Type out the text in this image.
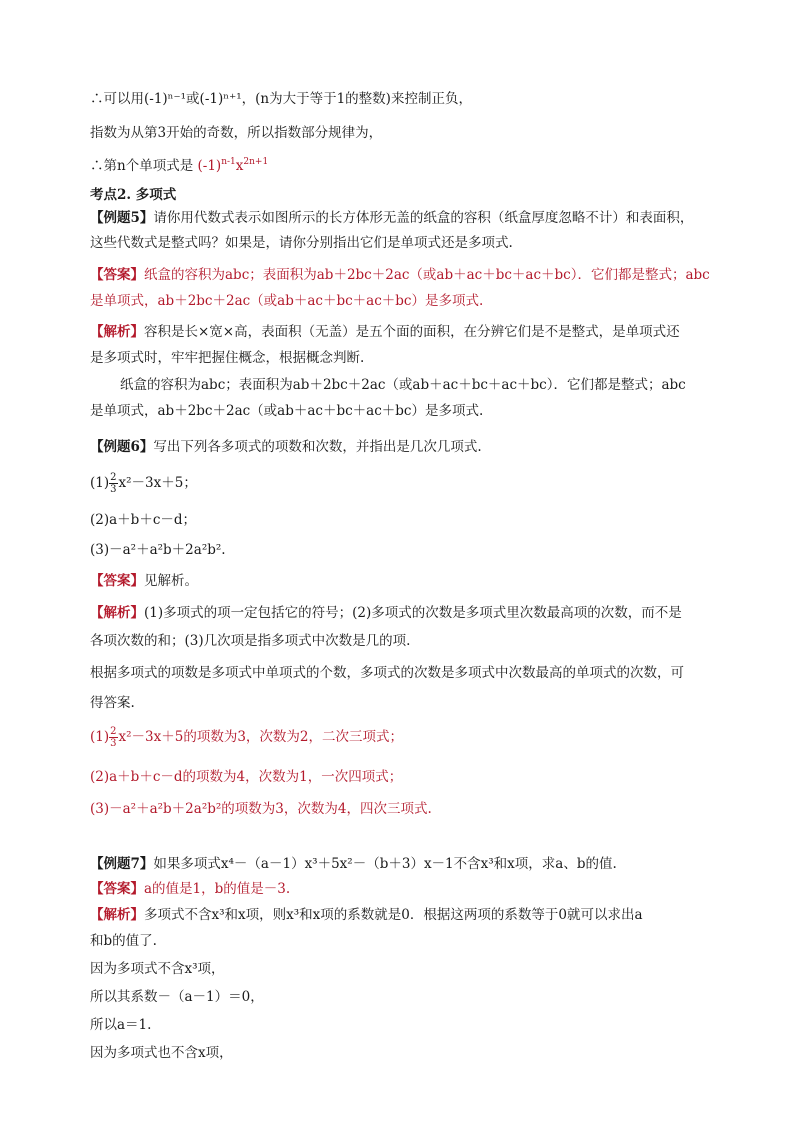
∴可以用(-1)ⁿ⁻¹或(-1)ⁿ⁺¹，(n为大于等于1的整数)来控制正负，
指数为从第3开始的奇数，所以指数部分规律为，
∴第n个单项式是 $(-1)^{n-1}x^{2n+1}$
考点2. 多项式
【例题5】请你用代数式表示如图所示的长方体形无盖的纸盒的容积（纸盒厚度忽略不计）和表面积，
这些代数式是整式吗？如果是，请你分别指出它们是单项式还是多项式.
【答案】纸盒的容积为abc；表面积为ab＋2bc＋2ac（或ab＋ac＋bc＋ac＋bc）．它们都是整式；abc
是单项式，ab＋2bc＋2ac（或ab＋ac＋bc＋ac＋bc）是多项式.
【解析】容积是长×宽×高，表面积（无盖）是五个面的面积，在分辨它们是不是整式，是单项式还
是多项式时，牢牢把握住概念，根据概念判断.
纸盒的容积为abc；表面积为ab＋2bc＋2ac（或ab＋ac＋bc＋ac＋bc）．它们都是整式；abc
是单项式，ab＋2bc＋2ac（或ab＋ac＋bc＋ac＋bc）是多项式.
【例题6】写出下列各多项式的项数和次数，并指出是几次几项式.
$(1) \frac{2}{3} x^2-3x+5$；
(2)a＋b＋c－d；
(3)－a²＋a²b＋2a²b².
【答案】见解析。
【解析】(1)多项式的项一定包括它的符号；(2)多项式的次数是多项式里次数最高项的次数，而不是
各项次数的和；(3)几次项是指多项式中次数是几的项.
根据多项式的项数是多项式中单项式的个数，多项式的次数是多项式中次数最高的单项式的次数，可
得答案.
$(1) \frac{2}{3} x^2-3x+5$的项数为3，次数为2，二次三项式；
(2)a＋b＋c－d的项数为4，次数为1，一次四项式；
(3)－a²＋a²b＋2a²b²的项数为3，次数为4，四次三项式.
【例题7】如果多项式x⁴－（a－1）x³＋5x²－（b＋3）x－1不含x³和x项，求a、b的值.
【答案】a的值是1，b的值是－3.
【解析】多项式不含x³和x项，则x³和x项的系数就是0．根据这两项的系数等于0就可以求出a
和b的值了.
因为多项式不含x³项，
所以其系数－（a－1）＝0，
所以a＝1.
因为多项式也不含x项，
